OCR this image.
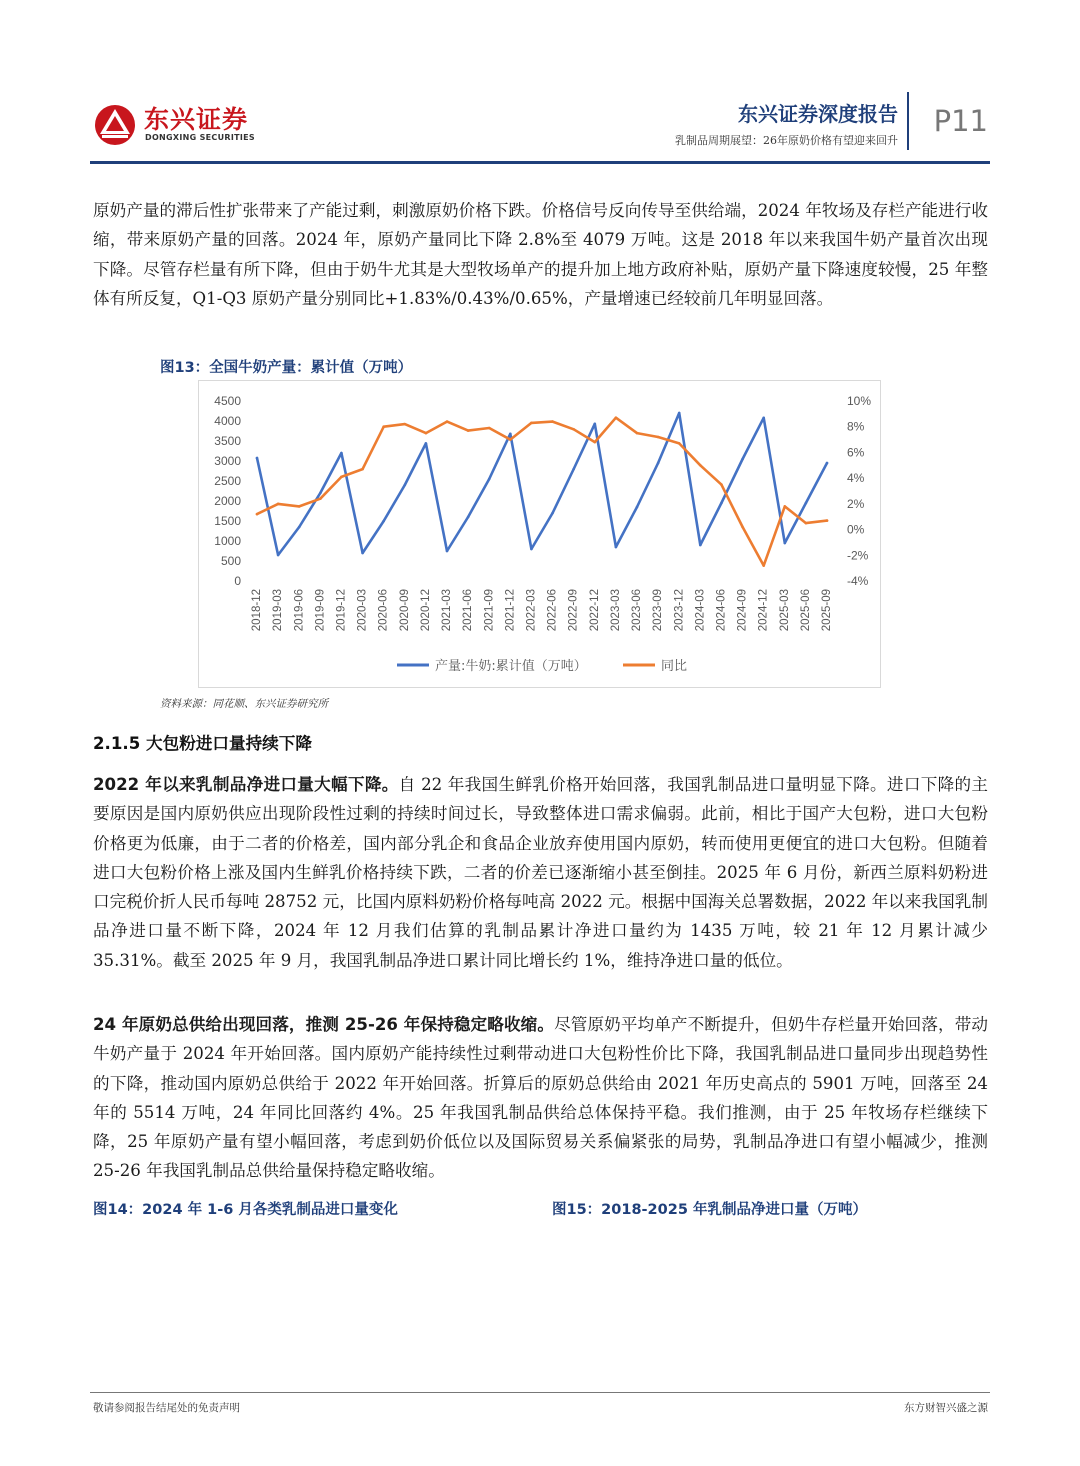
东兴证券
DONGXING SECURITIES
东兴证券深度报告
乳制品周期展望：26年原奶价格有望迎来回升
P11
原奶产量的滞后性扩张带来了产能过剩，刺激原奶价格下跌。价格信号反向传导至供给端，2024 年牧场及存栏产能进行收缩，带来原奶产量的回落。2024 年，原奶产量同比下降 2.8%至 4079 万吨。这是 2018 年以来我国牛奶产量首次出现下降。尽管存栏量有所下降，但由于奶牛尤其是大型牧场单产的提升加上地方政府补贴，原奶产量下降速度较慢，25 年整体有所反复，Q1-Q3 原奶产量分别同比+1.83%/0.43%/0.65%，产量增速已经较前几年明显回落。
图13：全国牛奶产量：累计值（万吨）
0
500
1000
1500
2000
2500
3000
3500
4000
4500
-4%
-2%
0%
2%
4%
6%
8%
10%
2018-12 2019-03 2019-06 2019-09 2019-12 2020-03 2020-06 2020-09 2020-12 2021-03 2021-06 2021-09 2021-12 2022-03 2022-06 2022-09 2022-12 2023-03 2023-06 2023-09 2023-12 2024-03 2024-06 2024-09 2024-12 2025-03 2025-06 2025-09
产量:牛奶:累计值（万吨）	同比
资料来源：同花顺、东兴证券研究所
2.1.5 大包粉进口量持续下降
2022 年以来乳制品净进口量大幅下降。自 22 年我国生鲜乳价格开始回落，我国乳制品进口量明显下降。进口下降的主要原因是国内原奶供应出现阶段性过剩的持续时间过长，导致整体进口需求偏弱。此前，相比于国产大包粉，进口大包粉价格更为低廉，由于二者的价格差，国内部分乳企和食品企业放弃使用国内原奶，转而使用更便宜的进口大包粉。但随着进口大包粉价格上涨及国内生鲜乳价格持续下跌，二者的价差已逐渐缩小甚至倒挂。2025 年 6 月份，新西兰原料奶粉进口完税价折人民币每吨 28752 元，比国内原料奶粉价格每吨高 2022 元。根据中国海关总署数据，2022 年以来我国乳制品净进口量不断下降，2024 年 12 月我们估算的乳制品累计净进口量约为 1435 万吨，较 21 年 12 月累计减少 35.31%。截至 2025 年 9 月，我国乳制品净进口累计同比增长约 1%，维持净进口量的低位。
24 年原奶总供给出现回落，推测 25-26 年保持稳定略收缩。尽管原奶平均单产不断提升，但奶牛存栏量开始回落，带动牛奶产量于 2024 年开始回落。国内原奶产能持续性过剩带动进口大包粉性价比下降，我国乳制品进口量同步出现趋势性的下降，推动国内原奶总供给于 2022 年开始回落。折算后的原奶总供给由 2021 年历史高点的 5901 万吨，回落至 24 年的 5514 万吨，24 年同比回落约 4%。25 年我国乳制品供给总体保持平稳。我们推测，由于 25 年牧场存栏继续下降，25 年原奶产量有望小幅回落，考虑到奶价低位以及国际贸易关系偏紧张的局势，乳制品净进口有望小幅减少，推测 25-26 年我国乳制品总供给量保持稳定略收缩。
图14：2024 年 1-6 月各类乳制品进口量变化	图15：2018-2025 年乳制品净进口量（万吨）
敬请参阅报告结尾处的免责声明	东方财智兴盛之源
